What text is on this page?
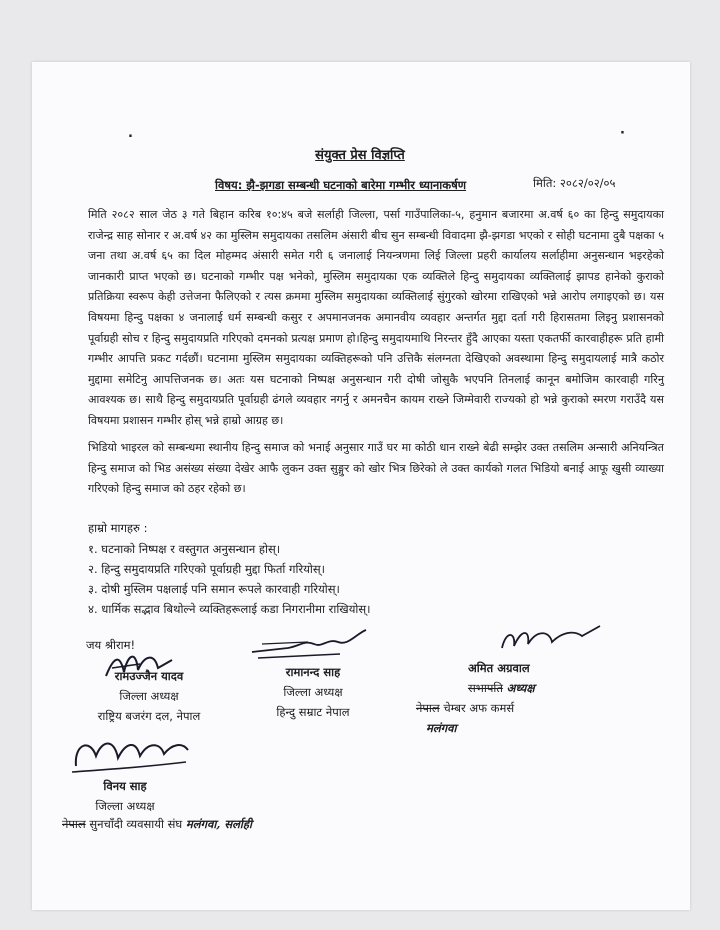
.	·
संयुक्त प्रेस विज्ञप्ति
विषय: झै-झगडा सम्बन्धी घटनाको बारेमा गम्भीर ध्यानाकर्षण	मिति: २०८२/०२/०५
मिति २०८२ साल जेठ ३ गते बिहान करिब १०:४५ बजे सर्लाही जिल्ला, पर्सा गाउँपालिका-५, हनुमान बजारमा अ.वर्ष ६० का हिन्दु समुदायका राजेन्द्र साह सोनार र अ.वर्ष ४२ का मुस्लिम समुदायका तसलिम अंसारी बीच सुन सम्बन्धी विवादमा झै-झगडा भएको र सोही घटनामा दुबै पक्षका ५ जना तथा अ.वर्ष ६५ का दिल मोहम्मद अंसारी समेत गरी ६ जनालाई नियन्त्रणमा लिई जिल्ला प्रहरी कार्यालय सर्लाहीमा अनुसन्धान भइरहेको जानकारी प्राप्त भएको छ। घटनाको गम्भीर पक्ष भनेको, मुस्लिम समुदायका एक व्यक्तिले हिन्दु समुदायका व्यक्तिलाई झापड हानेको कुराको प्रतिक्रिया स्वरूप केही उत्तेजना फैलिएको र त्यस क्रममा मुस्लिम समुदायका व्यक्तिलाई सुंगुरको खोरमा राखिएको भन्ने आरोप लगाइएको छ। यस विषयमा हिन्दु पक्षका ४ जनालाई धर्म सम्बन्धी कसुर र अपमानजनक अमानवीय व्यवहार अन्तर्गत मुद्दा दर्ता गरी हिरासतमा लिइनु प्रशासनको पूर्वाग्रही सोच र हिन्दु समुदायप्रति गरिएको दमनको प्रत्यक्ष प्रमाण हो।हिन्दु समुदायमाथि निरन्तर हुँदै आएका यस्ता एकतर्फी कारवाहीहरू प्रति हामी गम्भीर आपत्ति प्रकट गर्दछौं। घटनामा मुस्लिम समुदायका व्यक्तिहरूको पनि उत्तिकै संलग्नता देखिएको अवस्थामा हिन्दु समुदायलाई मात्रै कठोर मुद्दामा समेटिनु आपत्तिजनक छ। अतः यस घटनाको निष्पक्ष अनुसन्धान गरी दोषी जोसुकै भएपनि तिनलाई कानून बमोजिम कारवाही गरिनु आवश्यक छ। साथै हिन्दु समुदायप्रति पूर्वाग्रही ढंगले व्यवहार नगर्नु र अमनचैन कायम राख्ने जिम्मेवारी राज्यको हो भन्ने कुराको स्मरण गराउँदै यस विषयमा प्रशासन गम्भीर होस् भन्ने हाम्रो आग्रह छ।
भिडियो भाइरल को सम्बन्धमा स्थानीय हिन्दु समाज को भनाई अनुसार गाउँ घर मा कोठी धान राख्ने बेढी सम्झेर उक्त तसलिम अन्सारी अनियन्त्रित हिन्दु समाज को भिड असंख्य संख्या देखेर आफै लुकन उक्त सुङ्गुर को खोर भित्र छिरेको ले उक्त कार्यको गलत भिडियो बनाई आफू खुसी व्याख्या गरिएको हिन्दु समाज को ठहर रहेको छ।
हाम्रो मागहरु :
१. घटनाको निष्पक्ष र वस्तुगत अनुसन्धान होस्।
२. हिन्दु समुदायप्रति गरिएको पूर्वाग्रही मुद्दा फिर्ता गरियोस्।
३. दोषी मुस्लिम पक्षलाई पनि समान रूपले कारवाही गरियोस्।
४. धार्मिक सद्भाव बिथोल्ने व्यक्तिहरूलाई कडा निगरानीमा राखियोस्।
जय श्रीराम!
रामउज्जैन यादव
जिल्ला अध्यक्ष
राष्ट्रिय बजरंग दल, नेपाल
रामानन्द साह
जिल्ला अध्यक्ष
हिन्दु सम्राट नेपाल
अमित अग्रवाल
सभापति अध्यक्ष
नेपाल चेम्बर अफ कमर्स
मलंगवा
विनय साह
जिल्ला अध्यक्ष
नेपाल सुनचाँदी व्यवसायी संघ मलंगवा, सर्लाही
